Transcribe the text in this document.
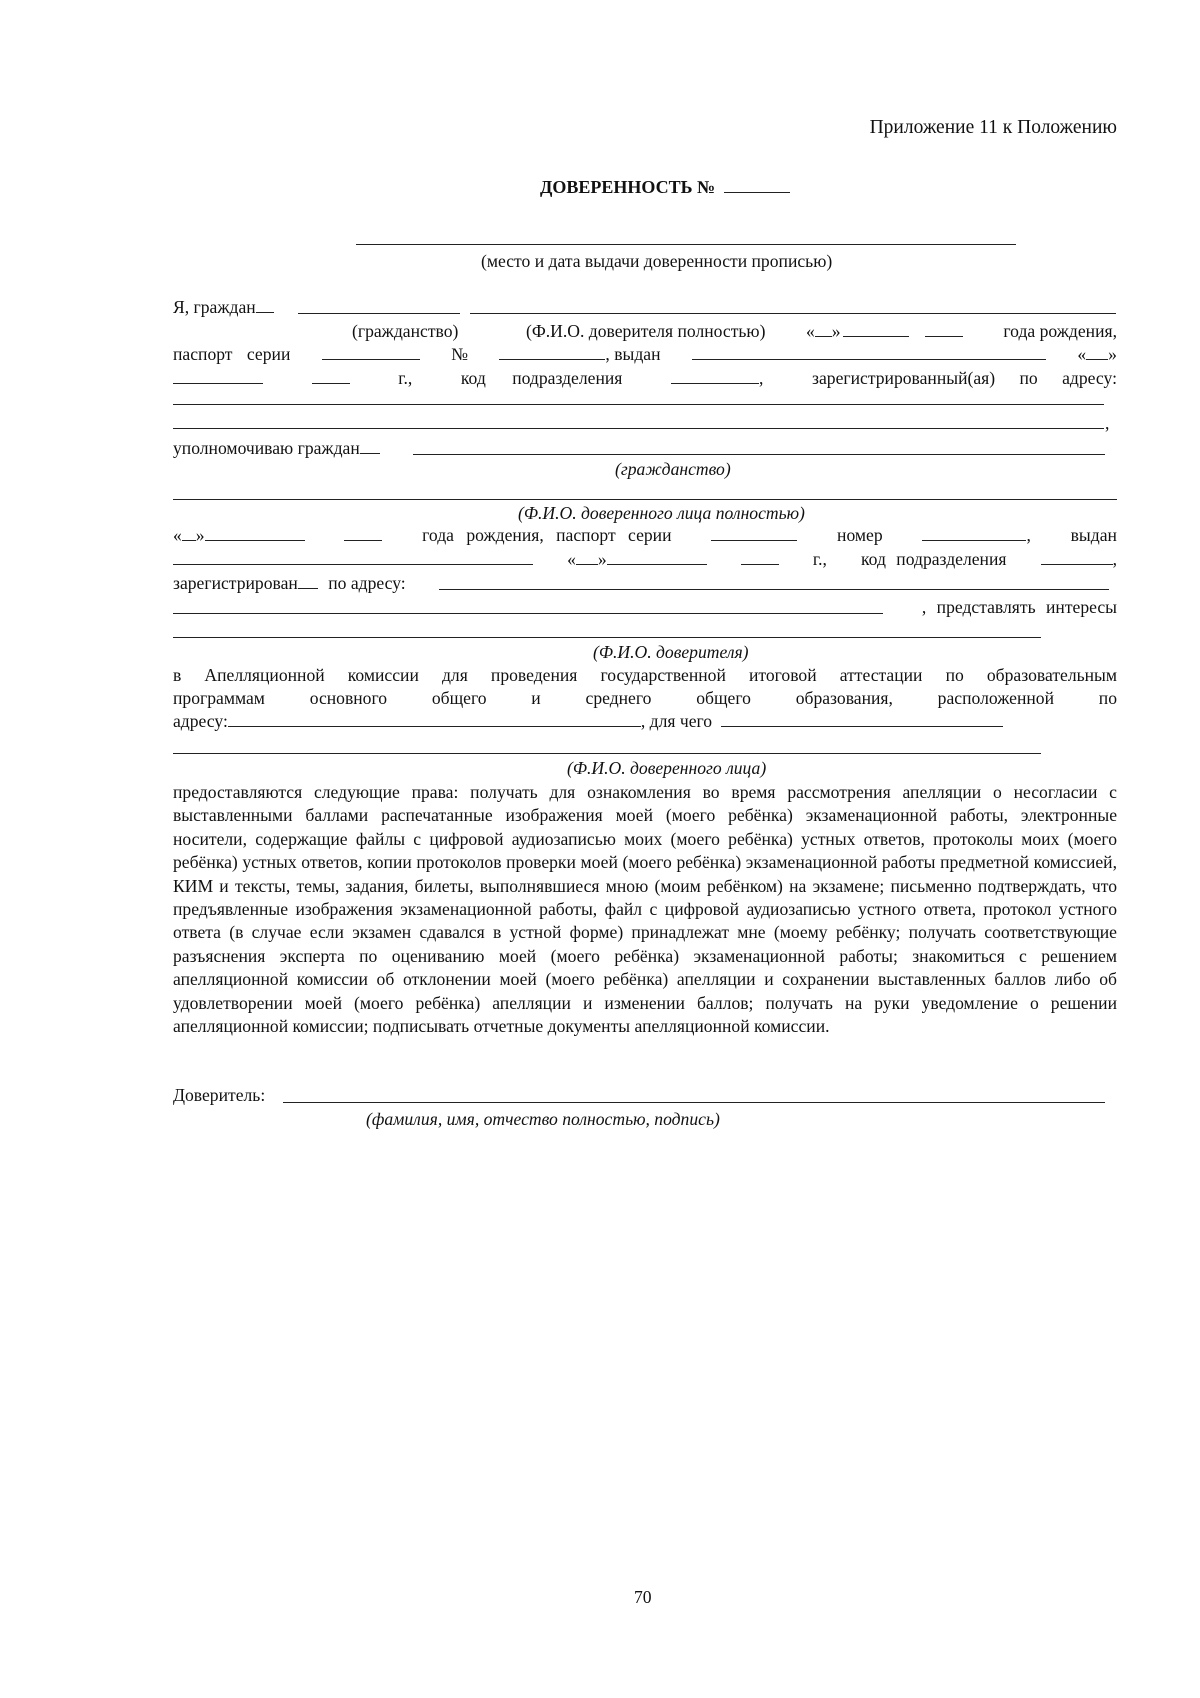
Приложение 11 к Положению
ДОВЕРЕННОСТЬ №
(место и дата выдачи доверенности прописью)
Я, граждан
(гражданство)	(Ф.И.О. доверителя полностью) « »	года рождения,
паспорт серии	№	, выдан	« »
г.,	код подразделения	,	зарегистрированный(ая) по адресу:
,
уполномочиваю граждан
(гражданство)
(Ф.И.О. доверенного лица полностью)
« »	года рождения, паспорт серии	номер	, выдан
« »	г., код подразделения	,
зарегистрирован по адресу:
, представлять интересы
(Ф.И.О. доверителя)
в Апелляционной комиссии для проведения государственной итоговой аттестации по образовательным
программам основного общего и среднего общего образования, расположенной по
адресу:	, для чего
(Ф.И.О. доверенного лица)
предоставляются следующие права: получать для ознакомления во время рассмотрения апелляции о несогласии с выставленными баллами распечатанные изображения моей (моего ребёнка) экзаменационной работы, электронные носители, содержащие файлы с цифровой аудиозаписью моих (моего ребёнка) устных ответов, протоколы моих (моего ребёнка) устных ответов, копии протоколов проверки моей (моего ребёнка) экзаменационной работы предметной комиссией, КИМ и тексты, темы, задания, билеты, выполнявшиеся мною (моим ребёнком) на экзамене; письменно подтверждать, что предъявленные изображения экзаменационной работы, файл с цифровой аудиозаписью устного ответа, протокол устного ответа (в случае если экзамен сдавался в устной форме) принадлежат мне (моему ребёнку; получать соответствующие разъяснения эксперта по оцениванию моей (моего ребёнка) экзаменационной работы; знакомиться с решением апелляционной комиссии об отклонении моей (моего ребёнка) апелляции и сохранении выставленных баллов либо об удовлетворении моей (моего ребёнка) апелляции и изменении баллов; получать на руки уведомление о решении апелляционной комиссии; подписывать отчетные документы апелляционной комиссии.
Доверитель:
(фамилия, имя, отчество полностью, подпись)
70
